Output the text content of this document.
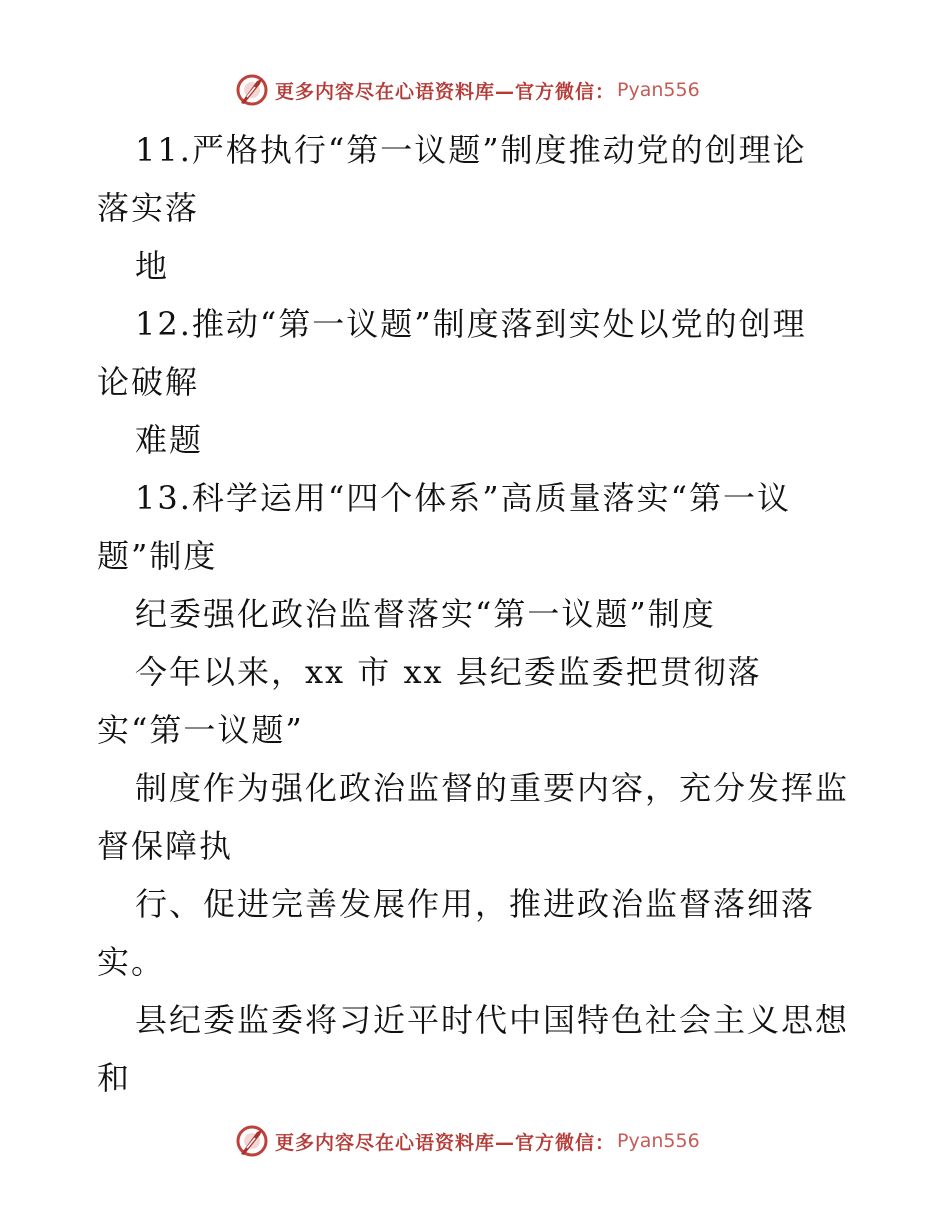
更多内容尽在心语资料库—官方微信： Pyan556
11.严格执行“第一议题”制度推动党的创理论
落实落
地
12.推动“第一议题”制度落到实处以党的创理
论破解
难题
13.科学运用“四个体系”高质量落实“第一议
题”制度
纪委强化政治监督落实“第一议题”制度
今年以来，xx 市 xx 县纪委监委把贯彻落
实“第一议题”
制度作为强化政治监督的重要内容，充分发挥监
督保障执
行、促进完善发展作用，推进政治监督落细落
实。
县纪委监委将习近平时代中国特色社会主义思想
和
更多内容尽在心语资料库—官方微信： Pyan556
